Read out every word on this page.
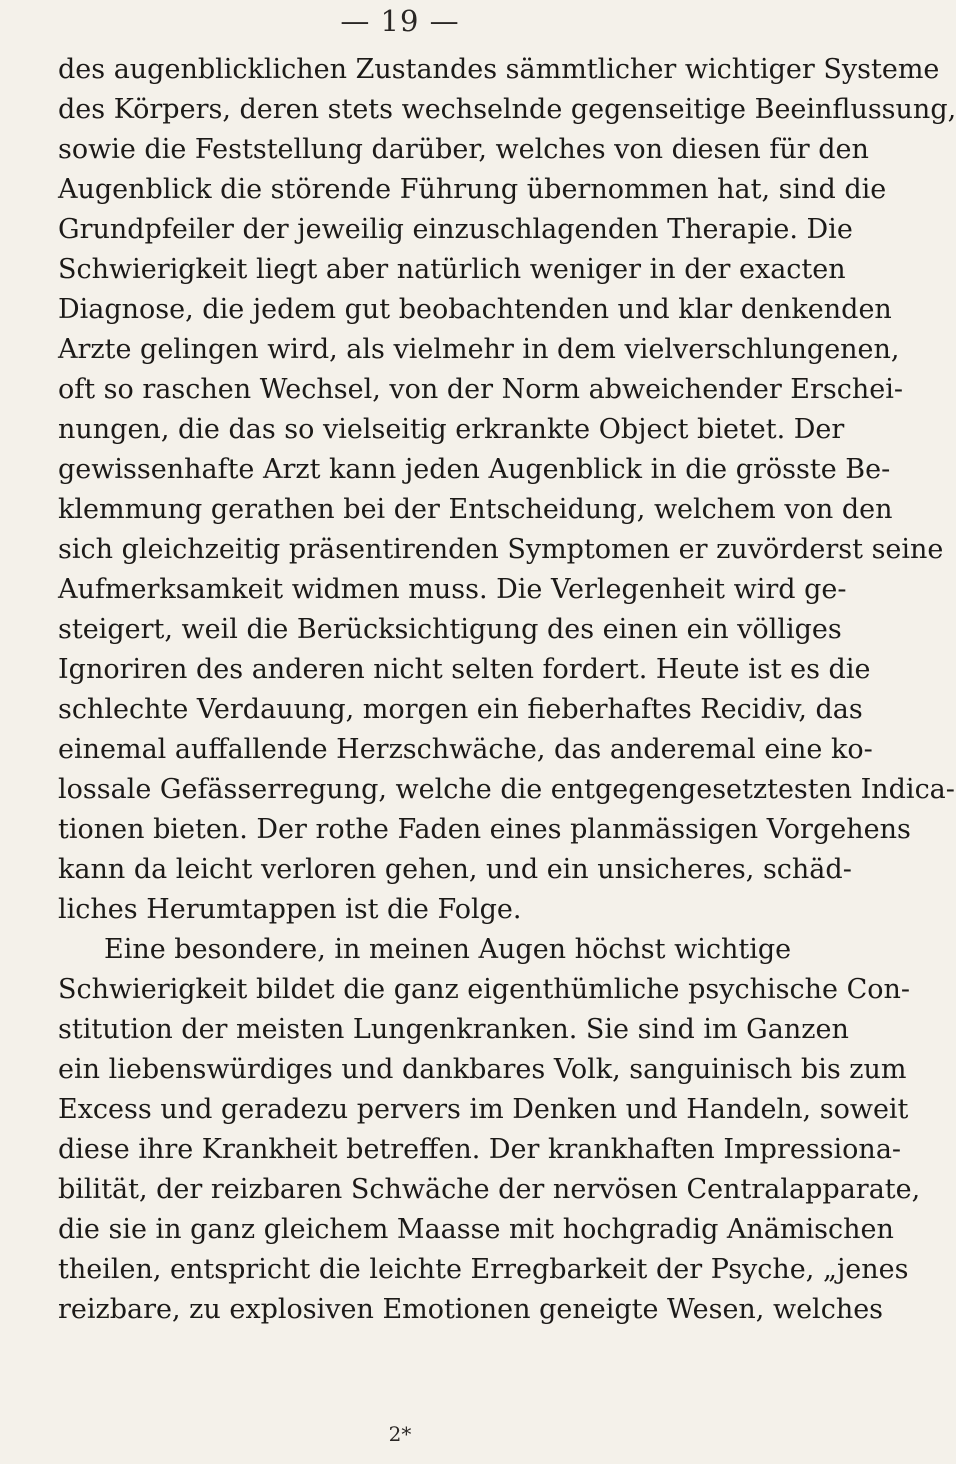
— 19 —
des augenblicklichen Zustandes sämmtlicher wichtiger Systeme
des Körpers, deren stets wechselnde gegenseitige Beeinflussung,
sowie die Feststellung darüber, welches von diesen für den
Augenblick die störende Führung übernommen hat, sind die
Grundpfeiler der jeweilig einzuschlagenden Therapie. Die
Schwierigkeit liegt aber natürlich weniger in der exacten
Diagnose, die jedem gut beobachtenden und klar denkenden
Arzte gelingen wird, als vielmehr in dem vielverschlungenen,
oft so raschen Wechsel, von der Norm abweichender Erschei-
nungen, die das so vielseitig erkrankte Object bietet. Der
gewissenhafte Arzt kann jeden Augenblick in die grösste Be-
klemmung gerathen bei der Entscheidung, welchem von den
sich gleichzeitig präsentirenden Symptomen er zuvörderst seine
Aufmerksamkeit widmen muss. Die Verlegenheit wird ge-
steigert, weil die Berücksichtigung des einen ein völliges
Ignoriren des anderen nicht selten fordert. Heute ist es die
schlechte Verdauung, morgen ein fieberhaftes Recidiv, das
einemal auffallende Herzschwäche, das anderemal eine ko-
lossale Gefässerregung, welche die entgegengesetztesten Indica-
tionen bieten. Der rothe Faden eines planmässigen Vorgehens
kann da leicht verloren gehen, und ein unsicheres, schäd-
liches Herumtappen ist die Folge.
Eine besondere, in meinen Augen höchst wichtige
Schwierigkeit bildet die ganz eigenthümliche psychische Con-
stitution der meisten Lungenkranken. Sie sind im Ganzen
ein liebenswürdiges und dankbares Volk, sanguinisch bis zum
Excess und geradezu pervers im Denken und Handeln, soweit
diese ihre Krankheit betreffen. Der krankhaften Impressiona-
bilität, der reizbaren Schwäche der nervösen Centralapparate,
die sie in ganz gleichem Maasse mit hochgradig Anämischen
theilen, entspricht die leichte Erregbarkeit der Psyche, „jenes
reizbare, zu explosiven Emotionen geneigte Wesen, welches
2*
